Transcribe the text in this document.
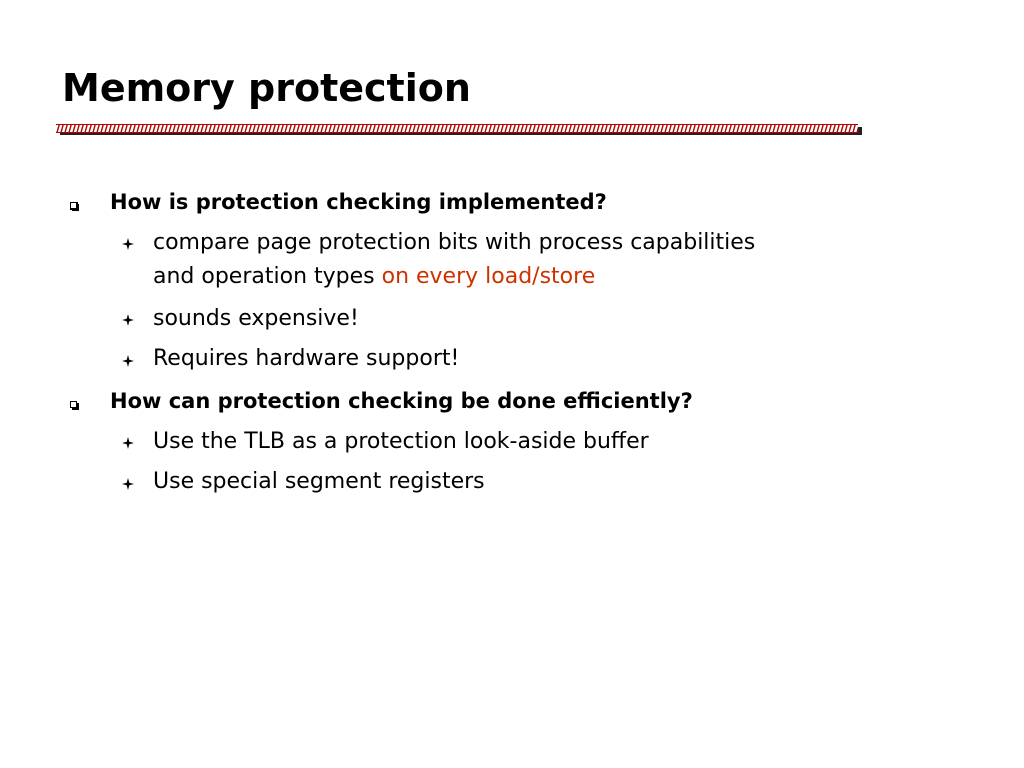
Memory protection
How is protection checking implemented?
compare page protection bits with process capabilities
and operation types on every load/store
sounds expensive!
Requires hardware support!
How can protection checking be done efficiently?
Use the TLB as a protection look-aside buffer
Use special segment registers
